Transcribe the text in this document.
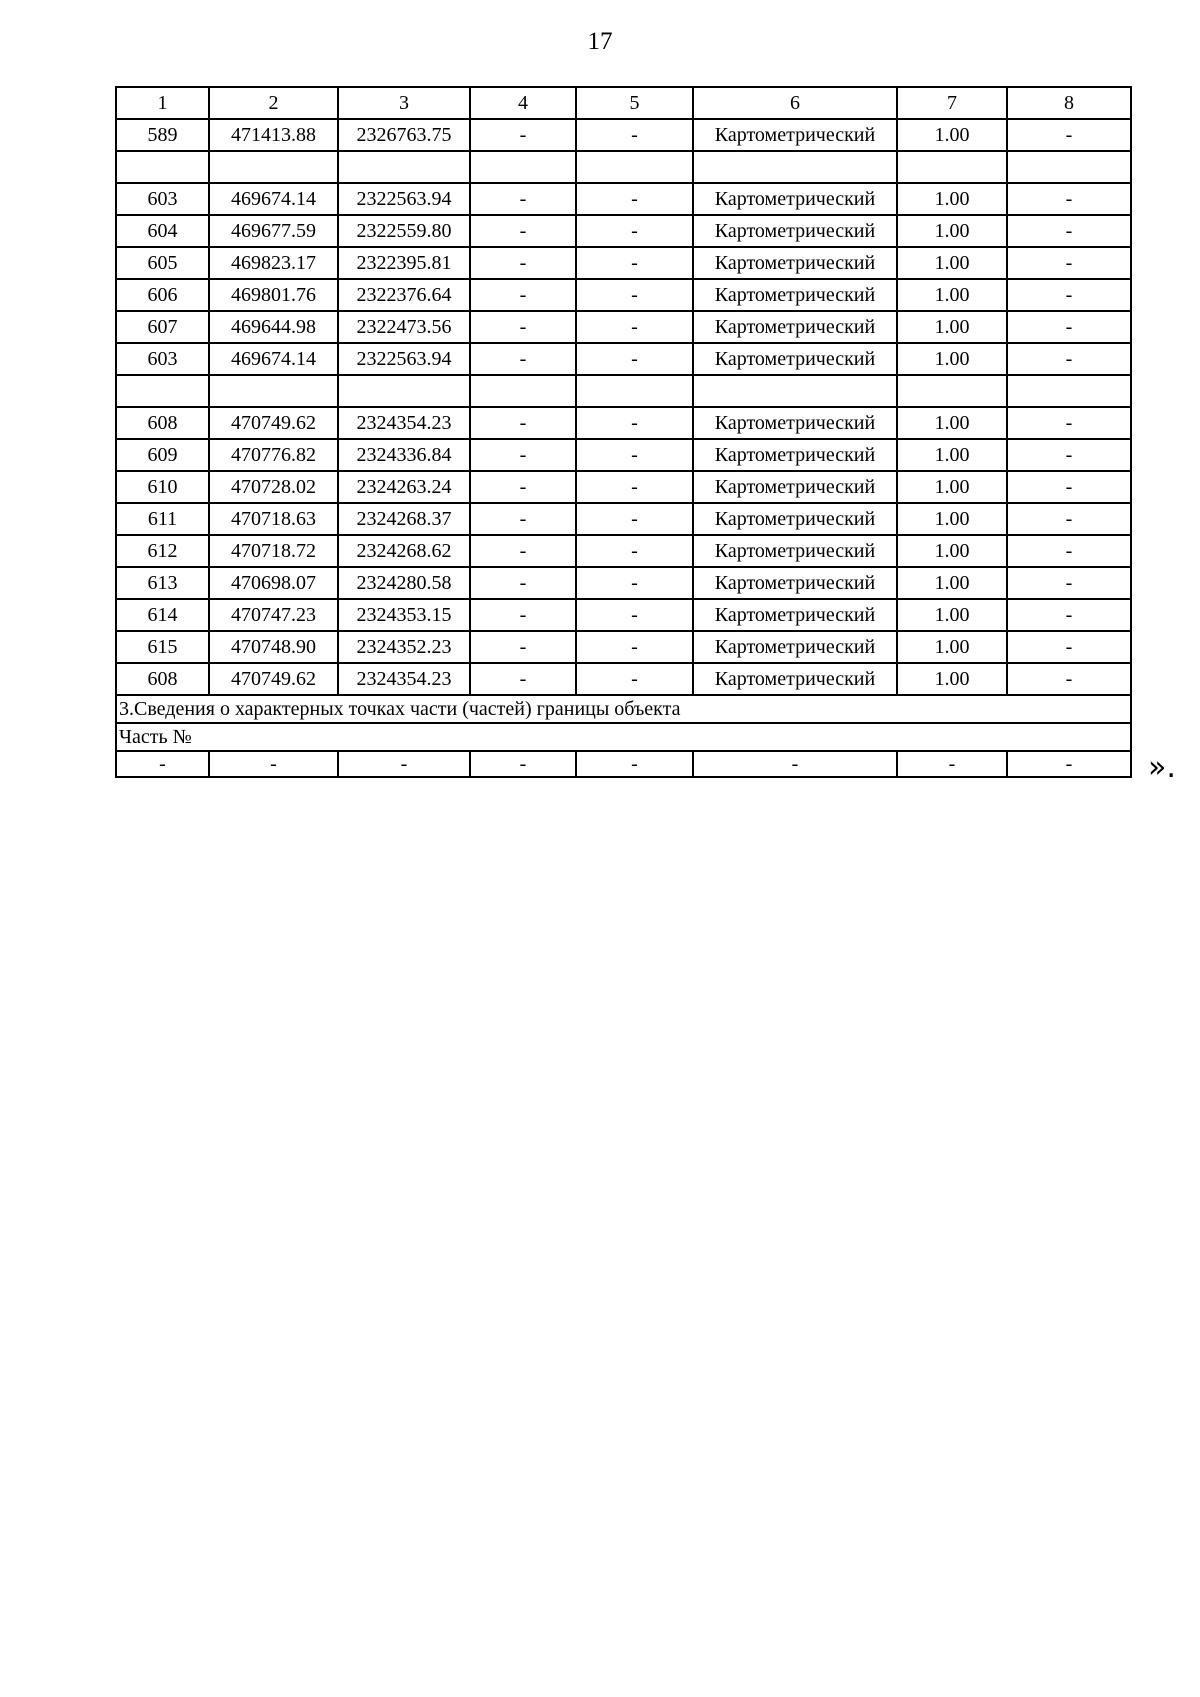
17
1	2	3	4	5	6	7	8
589	471413.88	2326763.75	-	-	Картометрический	1.00	-

603	469674.14	2322563.94	-	-	Картометрический	1.00	-
604	469677.59	2322559.80	-	-	Картометрический	1.00	-
605	469823.17	2322395.81	-	-	Картометрический	1.00	-
606	469801.76	2322376.64	-	-	Картометрический	1.00	-
607	469644.98	2322473.56	-	-	Картометрический	1.00	-
603	469674.14	2322563.94	-	-	Картометрический	1.00	-

608	470749.62	2324354.23	-	-	Картометрический	1.00	-
609	470776.82	2324336.84	-	-	Картометрический	1.00	-
610	470728.02	2324263.24	-	-	Картометрический	1.00	-
611	470718.63	2324268.37	-	-	Картометрический	1.00	-
612	470718.72	2324268.62	-	-	Картометрический	1.00	-
613	470698.07	2324280.58	-	-	Картометрический	1.00	-
614	470747.23	2324353.15	-	-	Картометрический	1.00	-
615	470748.90	2324352.23	-	-	Картометрический	1.00	-
608	470749.62	2324354.23	-	-	Картометрический	1.00	-
3.Сведения о характерных точках части (частей) границы объекта							
Часть №							
-	-	-	-	-	-	-	-	».
